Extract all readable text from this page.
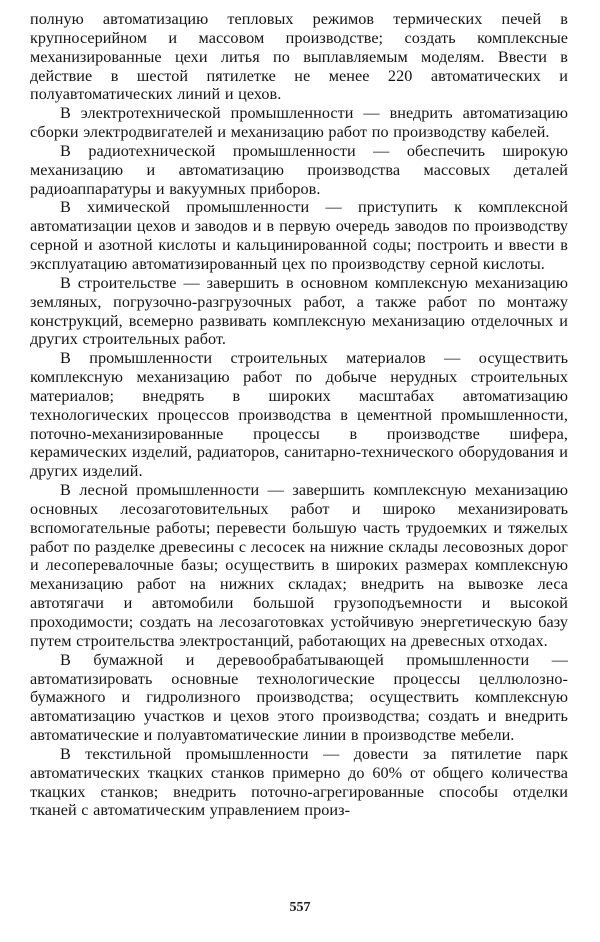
полную автоматизацию тепловых режимов термических печей в крупносерийном и массовом производстве; создать комплексные механизированные цехи литья по выплавляемым моделям. Ввести в действие в шестой пятилетке не менее 220 автоматических и полуавтоматических линий и цехов.

В электротехнической промышленности — внедрить автоматизацию сборки электродвигателей и механизацию работ по производству кабелей.

В радиотехнической промышленности — обеспечить широкую механизацию и автоматизацию производства массовых деталей радиоаппаратуры и вакуумных приборов.

В химической промышленности — приступить к комплексной автоматизации цехов и заводов и в первую очередь заводов по производству серной и азотной кислоты и кальцинированной соды; построить и ввести в эксплуатацию автоматизированный цех по производству серной кислоты.

В строительстве — завершить в основном комплексную механизацию земляных, погрузочно-разгрузочных работ, а также работ по монтажу конструкций, всемерно развивать комплексную механизацию отделочных и других строительных работ.

В промышленности строительных материалов — осуществить комплексную механизацию работ по добыче нерудных строительных материалов; внедрять в широких масштабах автоматизацию технологических процессов производства в цементной промышленности, поточно-механизированные процессы в производстве шифера, керамических изделий, радиаторов, санитарно-технического оборудования и других изделий.

В лесной промышленности — завершить комплексную механизацию основных лесозаготовительных работ и широко механизировать вспомогательные работы; перевести большую часть трудоемких и тяжелых работ по разделке древесины с лесосек на нижние склады лесовозных дорог и лесоперевалочные базы; осуществить в широких размерах комплексную механизацию работ на нижних складах; внедрить на вывозке леса автотягачи и автомобили большой грузоподъемности и высокой проходимости; создать на лесозаготовках устойчивую энергетическую базу путем строительства электростанций, работающих на древесных отходах.

В бумажной и деревообрабатывающей промышленности — автоматизировать основные технологические процессы целлюлозно-бумажного и гидролизного производства; осуществить комплексную автоматизацию участков и цехов этого производства; создать и внедрить автоматические и полуавтоматические линии в производстве мебели.

В текстильной промышленности — довести за пятилетие парк автоматических ткацких станков примерно до 60% от общего количества ткацких станков; внедрить поточно-агрегированные способы отделки тканей с автоматическим управлением произ-

557
